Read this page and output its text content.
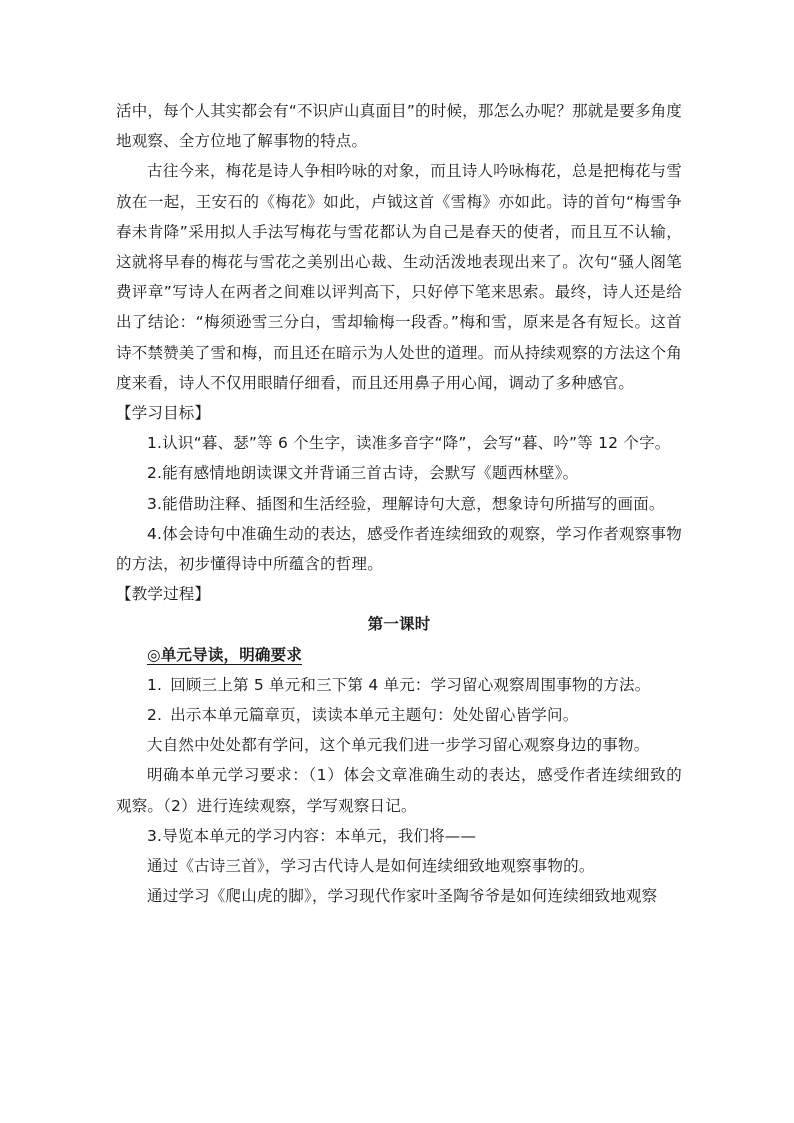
活中，每个人其实都会有“不识庐山真面目”的时候，那怎么办呢？那就是要多角度地观察、全方位地了解事物的特点。

古往今来，梅花是诗人争相吟咏的对象，而且诗人吟咏梅花，总是把梅花与雪放在一起，王安石的《梅花》如此，卢钺这首《雪梅》亦如此。诗的首句“梅雪争春未肯降”采用拟人手法写梅花与雪花都认为自己是春天的使者，而且互不认输，这就将早春的梅花与雪花之美别出心裁、生动活泼地表现出来了。次句“骚人阁笔费评章”写诗人在两者之间难以评判高下，只好停下笔来思索。最终，诗人还是给出了结论：“梅须逊雪三分白，雪却输梅一段香。”梅和雪，原来是各有短长。这首诗不禁赞美了雪和梅，而且还在暗示为人处世的道理。而从持续观察的方法这个角度来看，诗人不仅用眼睛仔细看，而且还用鼻子用心闻，调动了多种感官。

【学习目标】

1.认识“暮、瑟”等 6 个生字，读准多音字“降”，会写“暮、吟”等 12 个字。

2.能有感情地朗读课文并背诵三首古诗，会默写《题西林壁》。

3.能借助注释、插图和生活经验，理解诗句大意，想象诗句所描写的画面。

4.体会诗句中准确生动的表达，感受作者连续细致的观察，学习作者观察事物的方法，初步懂得诗中所蕴含的哲理。

【教学过程】

第一课时

◎单元导读，明确要求

1. 回顾三上第 5 单元和三下第 4 单元：学习留心观察周围事物的方法。

2. 出示本单元篇章页，读读本单元主题句：处处留心皆学问。

大自然中处处都有学问，这个单元我们进一步学习留心观察身边的事物。

明确本单元学习要求：（1）体会文章准确生动的表达，感受作者连续细致的观察。（2）进行连续观察，学写观察日记。

3.导览本单元的学习内容：本单元，我们将——

通过《古诗三首》，学习古代诗人是如何连续细致地观察事物的。

通过学习《爬山虎的脚》，学习现代作家叶圣陶爷爷是如何连续细致地观察
